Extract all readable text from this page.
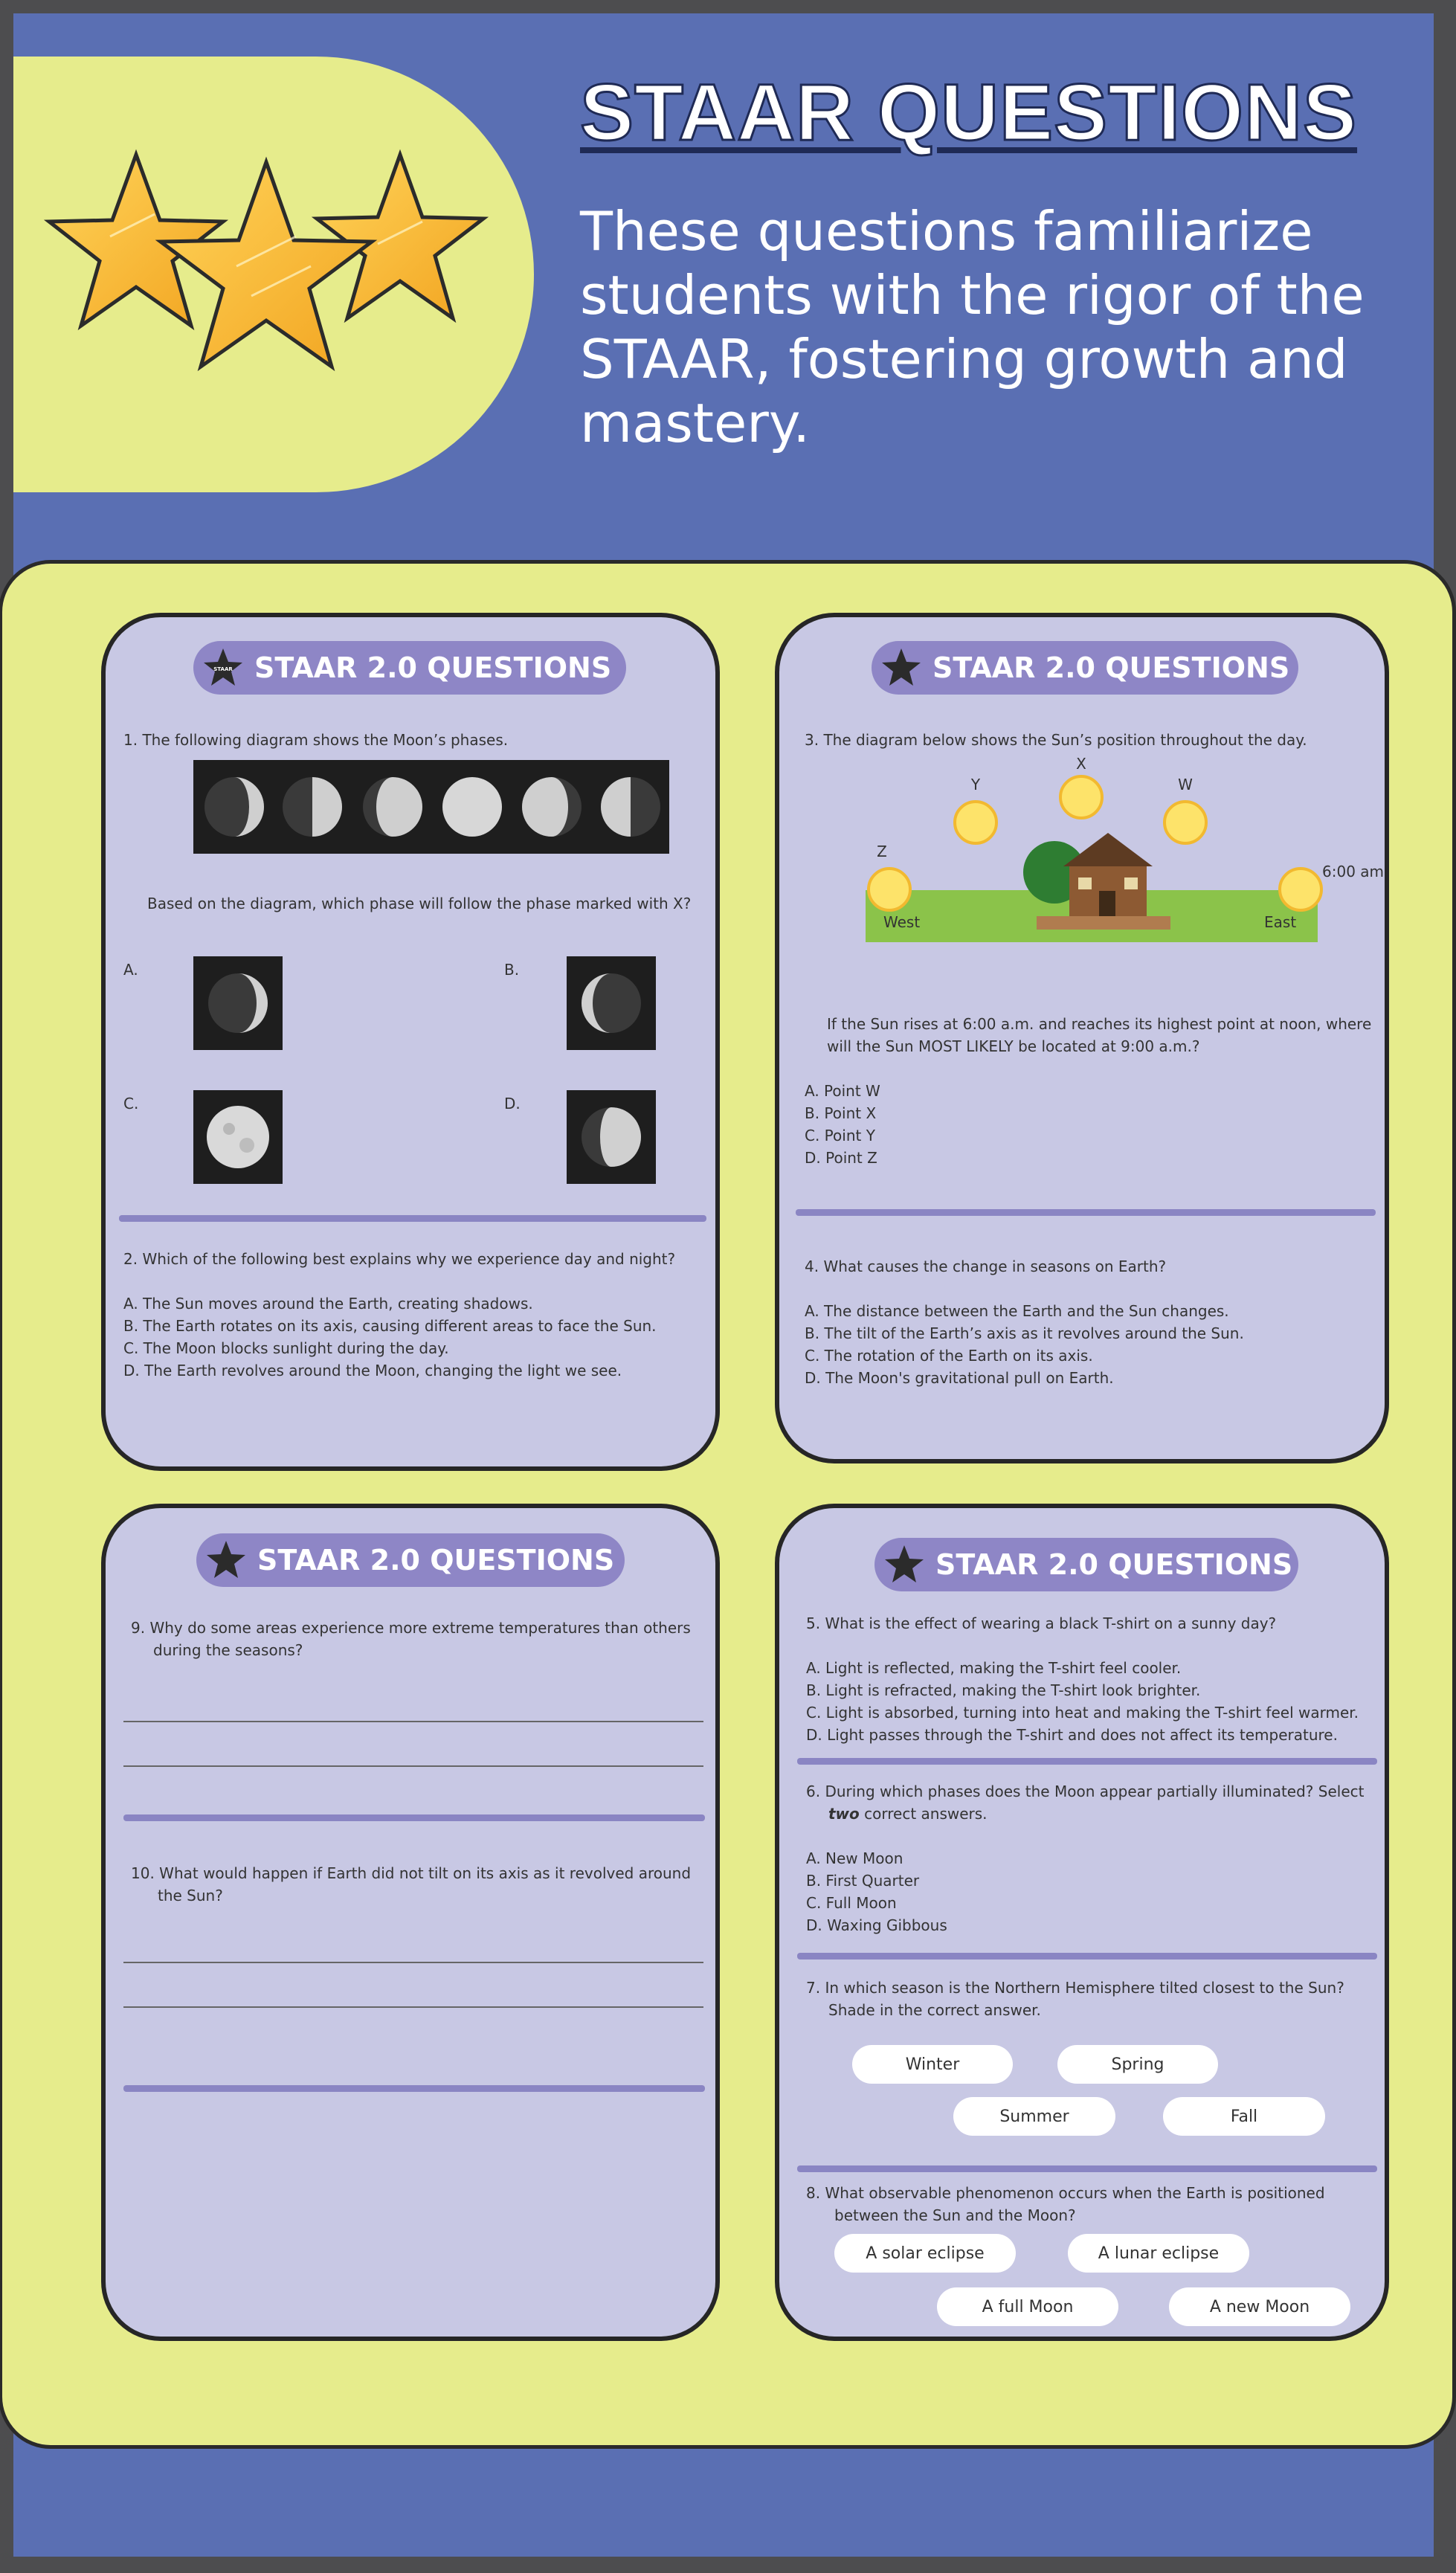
STAAR QUESTIONS
These questions familiarize students with the rigor of the STAAR, fostering growth and mastery.
STAAR STAAR 2.0 QUESTIONS
1. The following diagram shows the Moon’s phases.
Based on the diagram, which phase will follow the phase marked with X?
A.	B.
C.	D.
2. Which of the following best explains why we experience day and night?
A. The Sun moves around the Earth, creating shadows.
B. The Earth rotates on its axis, causing different areas to face the Sun.
C. The Moon blocks sunlight during the day.
D. The Earth revolves around the Moon, changing the light we see.
STAAR 2.0 QUESTIONS
3. The diagram below shows the Sun’s position throughout the day.
Y
X
W
Z
6:00 am
West	East
If the Sun rises at 6:00 a.m. and reaches its highest point at noon, where
will the Sun MOST LIKELY be located at 9:00 a.m.?
A. Point W
B. Point X
C. Point Y
D. Point Z
4. What causes the change in seasons on Earth?
A. The distance between the Earth and the Sun changes.
B. The tilt of the Earth’s axis as it revolves around the Sun.
C. The rotation of the Earth on its axis.
D. The Moon's gravitational pull on Earth.
STAAR 2.0 QUESTIONS
9. Why do some areas experience more extreme temperatures than others
during the seasons?
10. What would happen if Earth did not tilt on its axis as it revolved around
the Sun?
STAAR 2.0 QUESTIONS
5. What is the effect of wearing a black T-shirt on a sunny day?
A. Light is reflected, making the T-shirt feel cooler.
B. Light is refracted, making the T-shirt look brighter.
C. Light is absorbed, turning into heat and making the T-shirt feel warmer.
D. Light passes through the T-shirt and does not affect its temperature.
6. During which phases does the Moon appear partially illuminated? Select
two correct answers.
A. New Moon
B. First Quarter
C. Full Moon
D. Waxing Gibbous
7. In which season is the Northern Hemisphere tilted closest to the Sun?
Shade in the correct answer.
Winter	Spring
Summer	Fall
8. What observable phenomenon occurs when the Earth is positioned
between the Sun and the Moon?
A solar eclipse	A lunar eclipse
A full Moon	A new Moon
